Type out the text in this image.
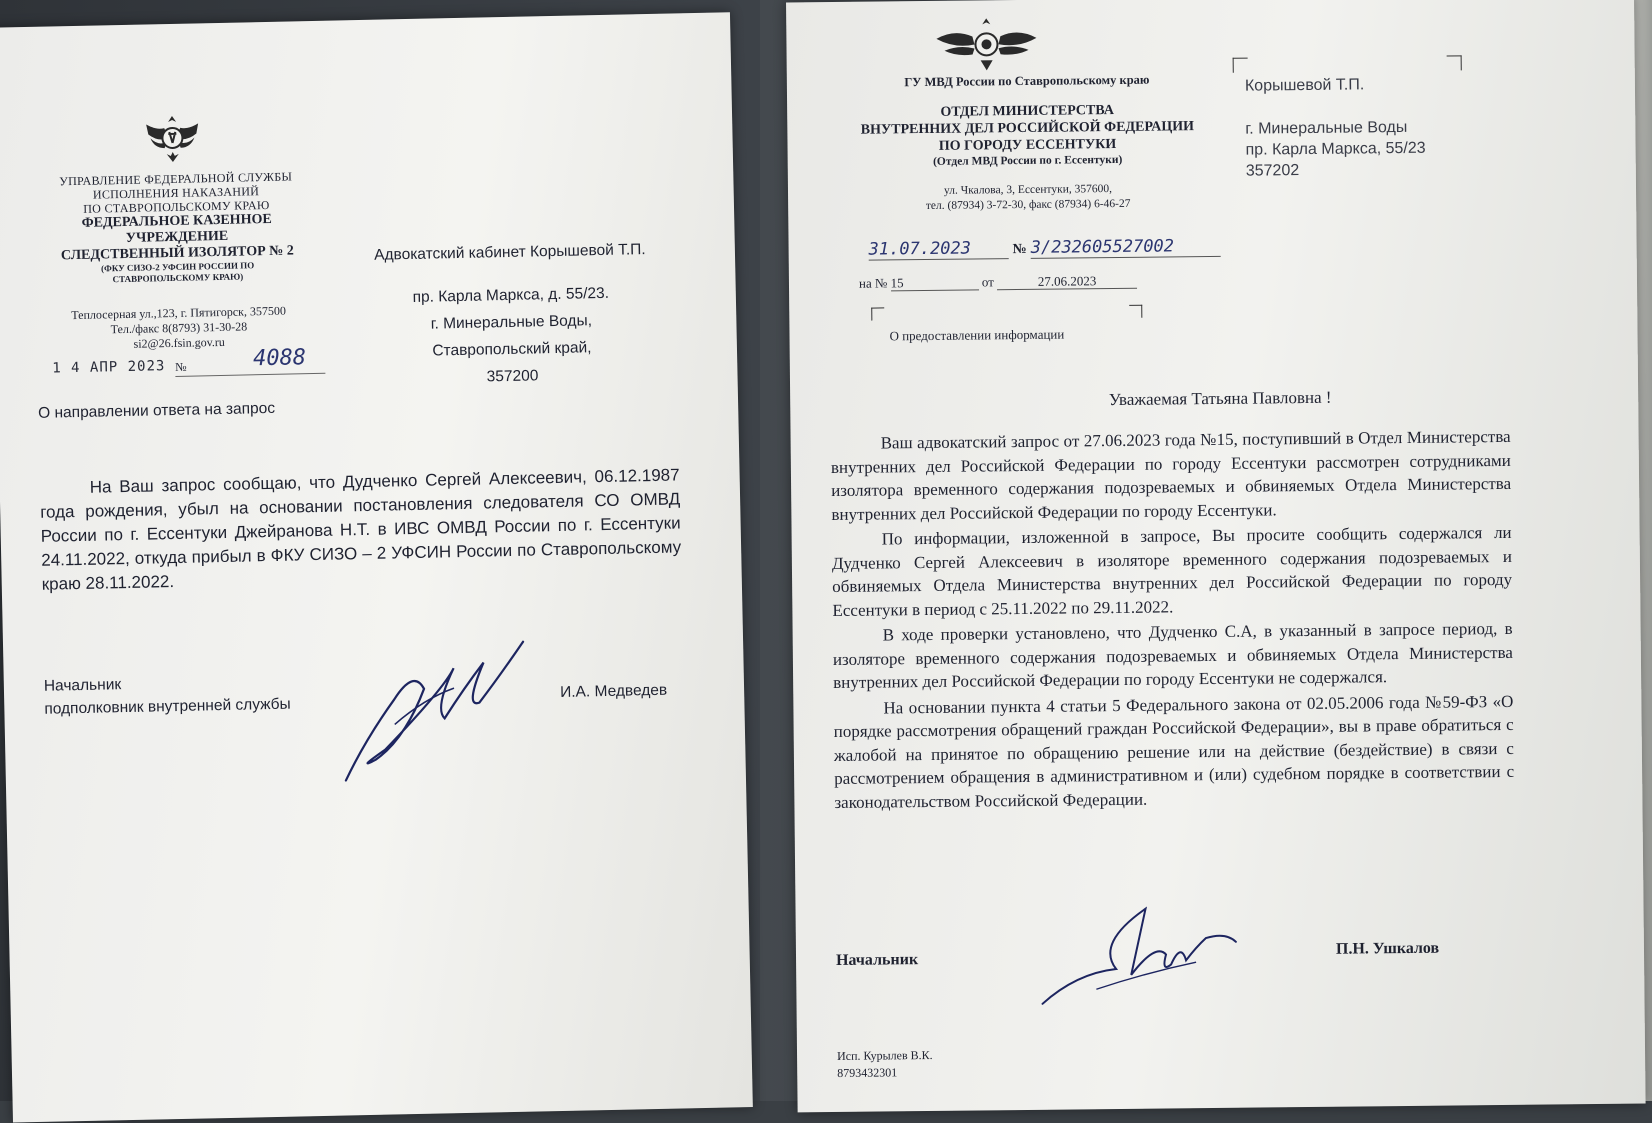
УПРАВЛЕНИЕ ФЕДЕРАЛЬНОЙ СЛУЖБЫ
ИСПОЛНЕНИЯ НАКАЗАНИЙ
ПО СТАВРОПОЛЬСКОМУ КРАЮ
ФЕДЕРАЛЬНОЕ КАЗЕННОЕ
УЧРЕЖДЕНИЕ
СЛЕДСТВЕННЫЙ ИЗОЛЯТОР № 2
(ФКУ СИЗО-2 УФСИН РОССИИ ПО
СТАВРОПОЛЬСКОМУ КРАЮ)
Теплосерная ул.,123, г. Пятигорск, 357500
Тел./факс 8(8793) 31-30-28
si2@26.fsin.gov.ru
1 4 АПР 2023 №	4088
Адвокатский кабинет Корышевой Т.П.
пр. Карла Маркса, д. 55/23.
г. Минеральные Воды,
Ставропольский край,
357200
О направлении ответа на запрос

На Ваш запрос сообщаю, что Дудченко Сергей Алексеевич, 06.12.1987 года рождения, убыл на основании постановления следователя СО ОМВД России по г. Ессентуки Джейранова Н.Т. в ИВС ОМВД России по г. Ессентуки 24.11.2022, откуда прибыл в ФКУ СИЗО – 2 УФСИН России по Ставропольскому краю 28.11.2022.

Начальник
подполковник внутренней службы
И.А. Медведев
ГУ МВД России по Ставропольскому краю
ОТДЕЛ МИНИСТЕРСТВА
ВНУТРЕННИХ ДЕЛ РОССИЙСКОЙ ФЕДЕРАЦИИ
ПО ГОРОДУ ЕССЕНТУКИ
(Отдел МВД России по г. Ессентуки)
ул. Чкалова, 3, Ессентуки, 357600,
тел. (87934) 3-72-30, факс (87934) 6-46-27
31.07.2023	№ 3/232605527002
на № 15	от	27.06.2023
О предоставлении информации
Корышевой Т.П.
г. Минеральные Воды
пр. Карла Маркса, 55/23
357202
Уважаемая Татьяна Павловна !

Ваш адвокатский запрос от 27.06.2023 года №15, поступивший в Отдел Министерства внутренних дел Российской Федерации по городу Ессентуки рассмотрен сотрудниками изолятора временного содержания подозреваемых и обвиняемых Отдела Министерства внутренних дел Российской Федерации по городу Ессентуки.

По информации, изложенной в запросе, Вы просите сообщить содержался ли Дудченко Сергей Алексеевич в изоляторе временного содержания подозреваемых и обвиняемых Отдела Министерства внутренних дел Российской Федерации по городу Ессентуки в период с 25.11.2022 по 29.11.2022.

В ходе проверки установлено, что Дудченко С.А, в указанный в запросе период, в изоляторе временного содержания подозреваемых и обвиняемых Отдела Министерства внутренних дел Российской Федерации по городу Ессентуки не содержался.

На основании пункта 4 статьи 5 Федерального закона от 02.05.2006 года №59-ФЗ «О порядке рассмотрения обращений граждан Российской Федерации», вы в праве обратиться с жалобой на принятое по обращению решение или на действие (бездействие) в связи с рассмотрением обращения в административном и (или) судебном порядке в соответствии с законодательством Российской Федерации.

Начальник
П.Н. Ушкалов
Исп. Курылев В.К.
8793432301
